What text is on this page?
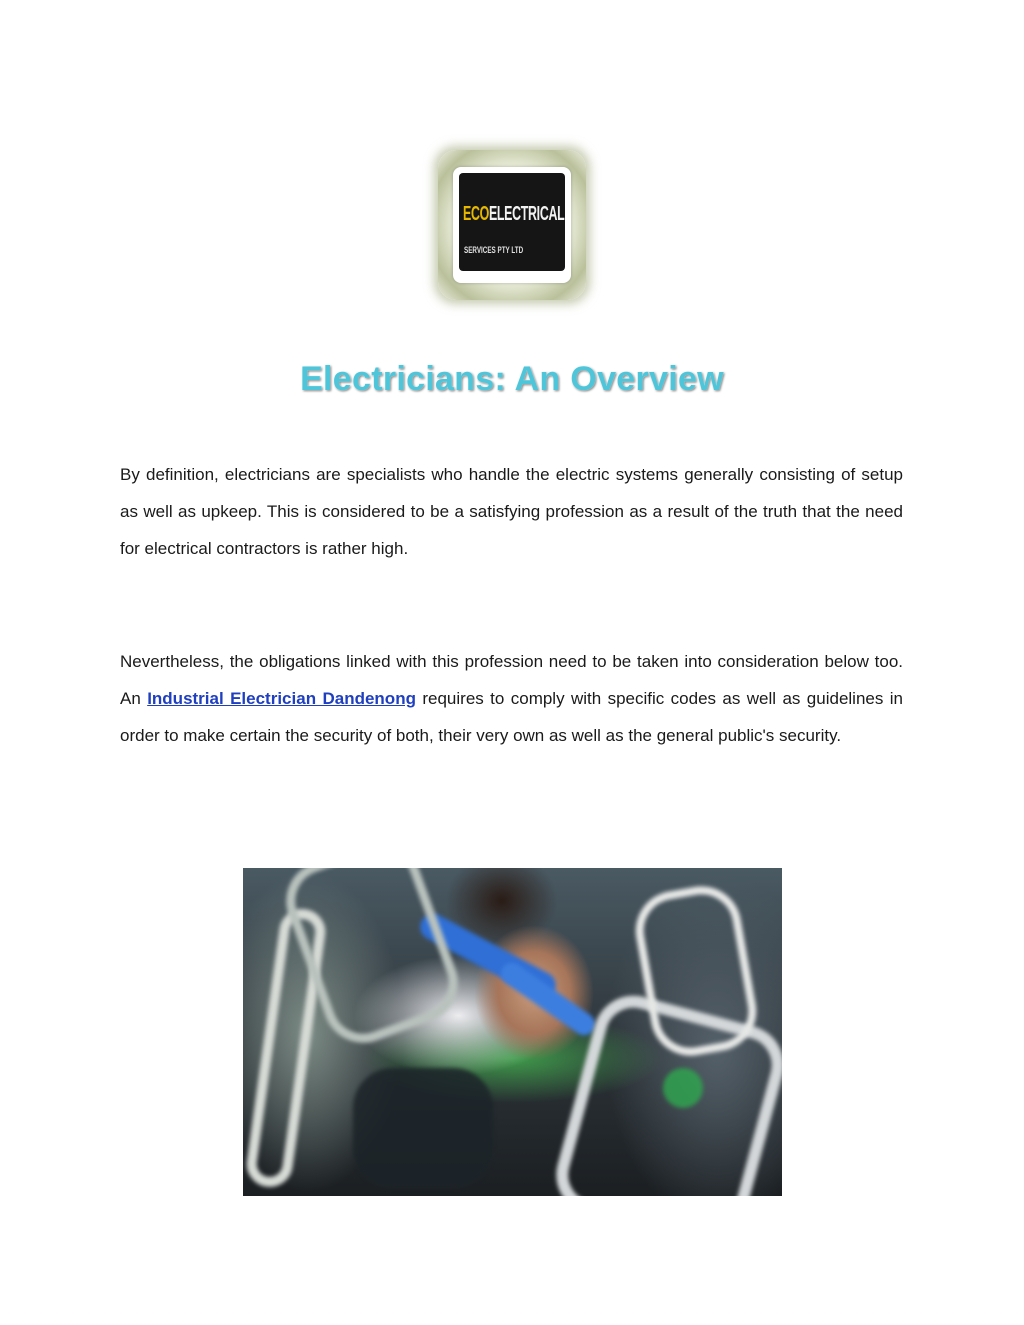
ECOELECTRICAL
SERVICES PTY LTD
Electricians: An Overview

By definition, electricians are specialists who handle the electric systems generally consisting of setup as well as upkeep. This is considered to be a satisfying profession as a result of the truth that the need for electrical contractors is rather high.

Nevertheless, the obligations linked with this profession need to be taken into consideration below too. An Industrial Electrician Dandenong requires to comply with specific codes as well as guidelines in order to make certain the security of both, their very own as well as the general public's security.
